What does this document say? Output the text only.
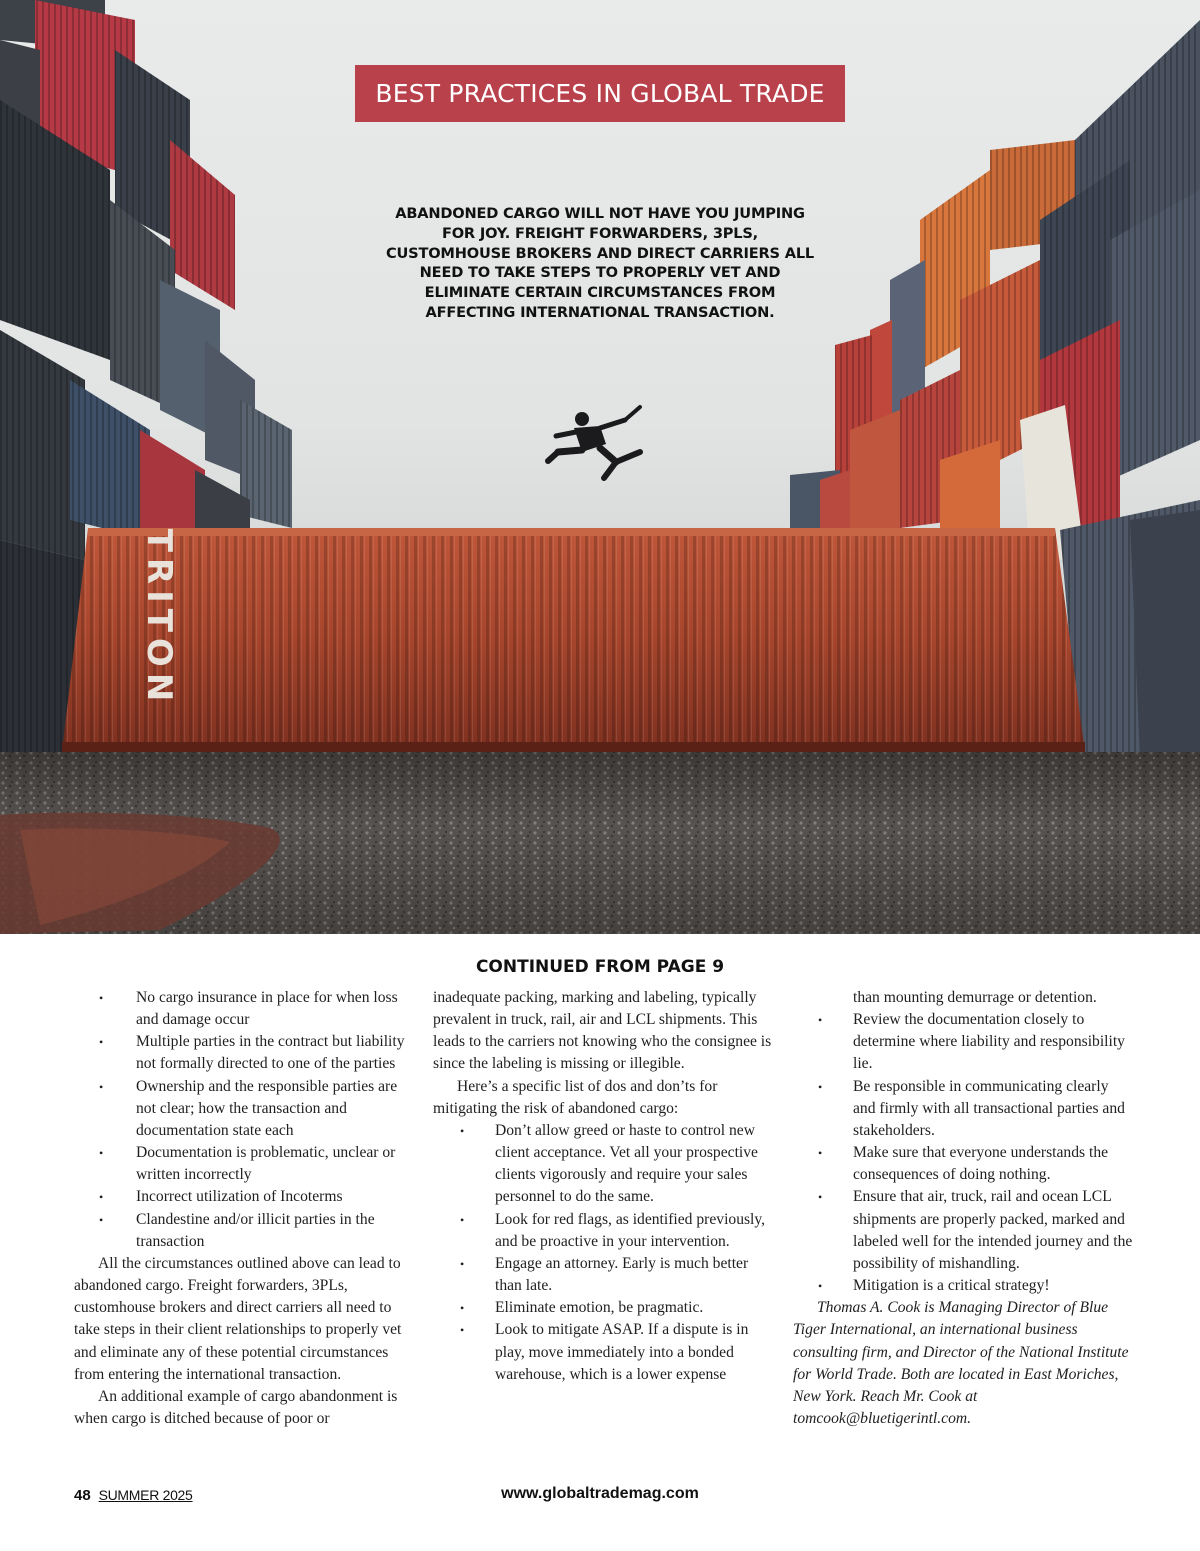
TRITON
BEST PRACTICES IN GLOBAL TRADE
ABANDONED CARGO WILL NOT HAVE YOU JUMPING FOR JOY. FREIGHT FORWARDERS, 3PLS, CUSTOMHOUSE BROKERS AND DIRECT CARRIERS ALL NEED TO TAKE STEPS TO PROPERLY VET AND ELIMINATE CERTAIN CIRCUMSTANCES FROM AFFECTING INTERNATIONAL TRANSACTION.
CONTINUED FROM PAGE 9
• No cargo insurance in place for when loss and damage occur
• Multiple parties in the contract but liability not formally directed to one of the parties
• Ownership and the responsible parties are not clear; how the transaction and documentation state each
• Documentation is problematic, unclear or written incorrectly
• Incorrect utilization of Incoterms
• Clandestine and/or illicit parties in the transaction

All the circumstances outlined above can lead to abandoned cargo. Freight forwarders, 3PLs, customhouse brokers and direct carriers all need to take steps in their client relationships to properly vet and eliminate any of these potential circumstances from entering the international transaction.

An additional example of cargo abandonment is when cargo is ditched because of poor or

inadequate packing, marking and labeling, typically prevalent in truck, rail, air and LCL shipments. This leads to the carriers not knowing who the consignee is since the labeling is missing or illegible.

Here’s a specific list of dos and don’ts for mitigating the risk of abandoned cargo:

• Don’t allow greed or haste to control new client acceptance. Vet all your prospective clients vigorously and require your sales personnel to do the same.
• Look for red flags, as identified previously, and be proactive in your intervention.
• Engage an attorney. Early is much better than late.
• Eliminate emotion, be pragmatic.
• Look to mitigate ASAP. If a dispute is in play, move immediately into a bonded warehouse, which is a lower expense

than mounting demurrage or detention.

• Review the documentation closely to determine where liability and responsibility lie.
• Be responsible in communicating clearly and firmly with all transactional parties and stakeholders.
• Make sure that everyone understands the consequences of doing nothing.
• Ensure that air, truck, rail and ocean LCL shipments are properly packed, marked and labeled well for the intended journey and the possibility of mishandling.
• Mitigation is a critical strategy!

Thomas A. Cook is Managing Director of Blue Tiger International, an international business consulting firm, and Director of the National Institute for World Trade. Both are located in East Moriches, New York. Reach Mr. Cook at tomcook@bluetigerintl.com.

48 SUMMER 2025	www.globaltrademag.com
